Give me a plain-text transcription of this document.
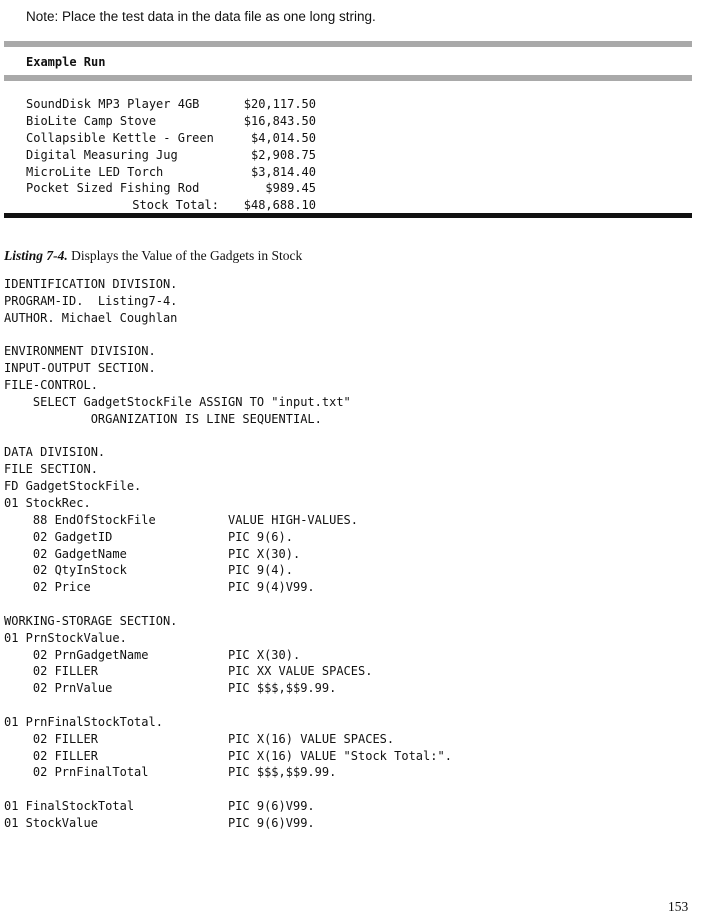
Note: Place the test data in the data file as one long string.
Example Run
SoundDisk MP3 Player 4GB	$20,117.50
BioLite Camp Stove	$16,843.50
Collapsible Kettle - Green	$4,014.50
Digital Measuring Jug	$2,908.75
MicroLite LED Torch	$3,814.40
Pocket Sized Fishing Rod	$989.45
Stock Total:	$48,688.10
Listing 7-4. Displays the Value of the Gadgets in Stock
IDENTIFICATION DIVISION.
PROGRAM-ID.  Listing7-4.
AUTHOR. Michael Coughlan
ENVIRONMENT DIVISION.
INPUT-OUTPUT SECTION.
FILE-CONTROL.
SELECT GadgetStockFile ASSIGN TO "input.txt"
ORGANIZATION IS LINE SEQUENTIAL.
DATA DIVISION.
FILE SECTION.
FD GadgetStockFile.
01 StockRec.
88 EndOfStockFile          VALUE HIGH-VALUES.
02 GadgetID                PIC 9(6).
02 GadgetName              PIC X(30).
02 QtyInStock              PIC 9(4).
02 Price                   PIC 9(4)V99.
WORKING-STORAGE SECTION.
01 PrnStockValue.
02 PrnGadgetName           PIC X(30).
02 FILLER                  PIC XX VALUE SPACES.
02 PrnValue                PIC $$$,$$9.99.
01 PrnFinalStockTotal.
02 FILLER                  PIC X(16) VALUE SPACES.
02 FILLER                  PIC X(16) VALUE "Stock Total:".
02 PrnFinalTotal           PIC $$$,$$9.99.
01 FinalStockTotal             PIC 9(6)V99.
01 StockValue                  PIC 9(6)V99.
153
